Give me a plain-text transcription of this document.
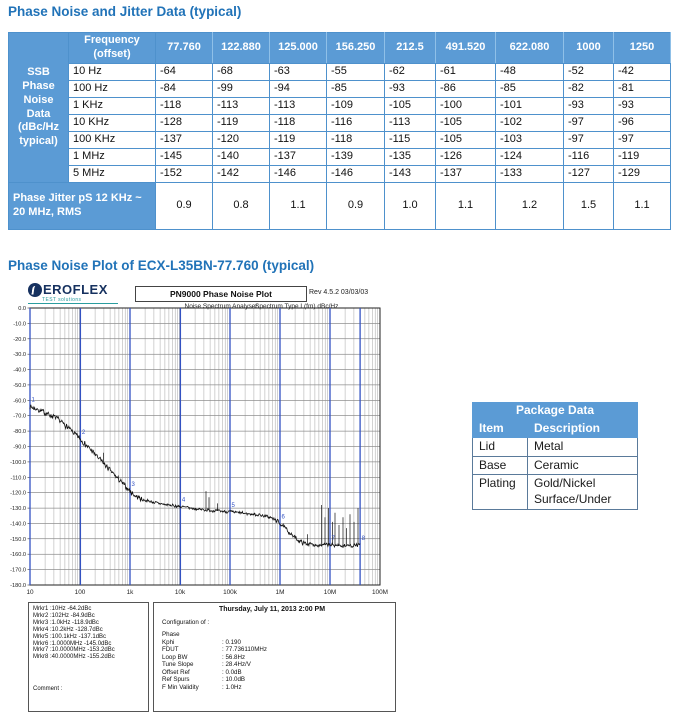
Phase Noise and Jitter Data (typical)
SSB Phase Noise Data (dBc/Hz typical)	Frequency (offset)	77.760	122.880	125.000	156.250	212.5	491.520	622.080	1000	1250
	10 Hz	-64	-68	-63	-55	-62	-61	-48	-52	-42
	100 Hz	-84	-99	-94	-85	-93	-86	-85	-82	-81
	1 KHz	-118	-113	-113	-109	-105	-100	-101	-93	-93
	10 KHz	-128	-119	-118	-116	-113	-105	-102	-97	-96
	100 KHz	-137	-120	-119	-118	-115	-105	-103	-97	-97
	1 MHz	-145	-140	-137	-139	-135	-126	-124	-116	-119
	5 MHz	-152	-142	-146	-146	-143	-137	-133	-127	-129
Phase Jitter pS 12 KHz ~ 20 MHz, RMS		0.9	0.8	1.1	0.9	1.0	1.1	1.2	1.5	1.1
Phase Noise Plot of ECX-L35BN-77.760 (typical)
0.0
-10.0
-20.0
-30.0
-40.0
-50.0
-60.0
-70.0
-80.0
-90.0
-100.0
-110.0
-120.0
-130.0
-140.0
-150.0
-160.0
-170.0
-180.0
10	100	1k	10k	100k	1M	10M	100M
1
2
3
4
5
6
7	8
EROFLEX
TEST solutions
PN9000 Phase Noise Plot	Rev 4.5.2 03/03/03
Noise Spectrum Analyser
Spectrum Type L(fm) dBc/Hz
Mrkr1 :10Hz -64.2dBc
Mrkr2 :102Hz -84.9dBc
Mrkr3 :1.0kHz -118.9dBc
Mrkr4 :10.2kHz -128.7dBc
Mrkr5 :100.1kHz -137.1dBc
Mrkr6 :1.0000MHz -145.0dBc
Mrkr7 :10.0000MHz -153.2dBc
Mrkr8 :40.0000MHz -155.2dBc
Comment :
Thursday, July 11, 2013 2:00 PM
Configuration of :
Phase
Kphi	: 0.190
FDUT	: 77.736110MHz
Loop BW	: 56.8Hz
Tune Slope	: 28.4Hz/V
Offset Ref	: 0.0dB
Ref Spurs	: 10.0dB
F Min Validity	: 1.0Hz
Package Data	
Item	Description
Lid	Metal
Base	Ceramic
Plating	Gold/Nickel Surface/Under
